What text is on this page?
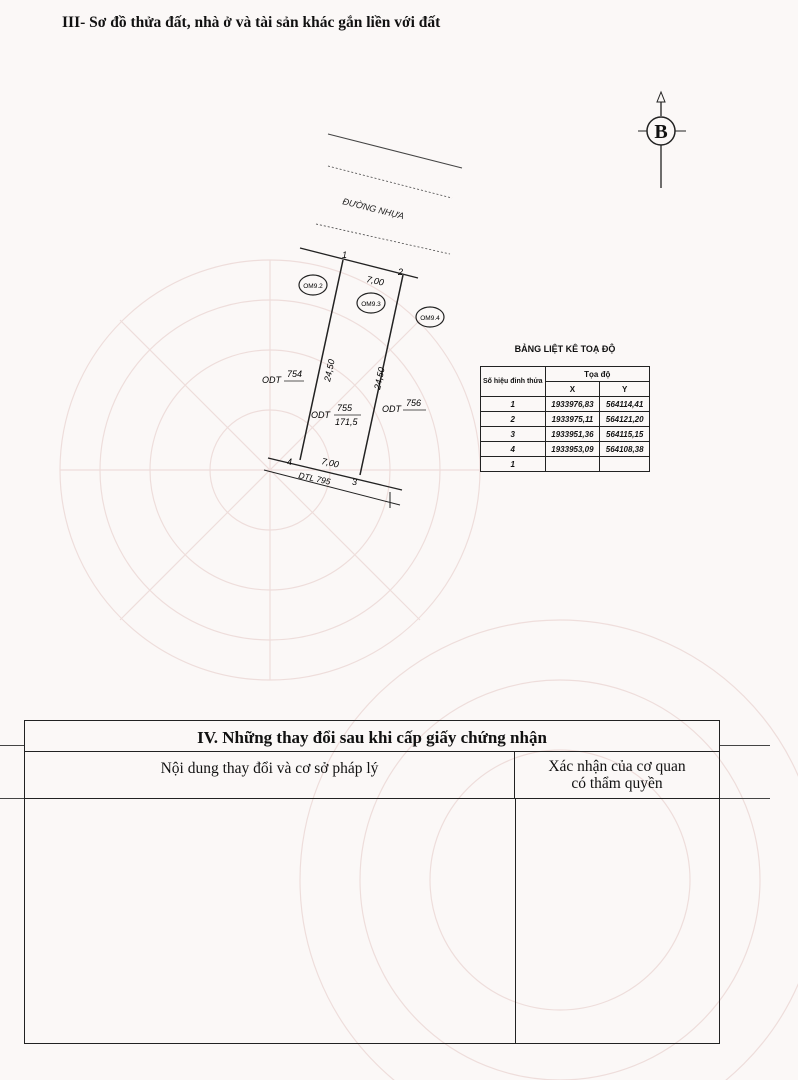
III- Sơ đồ thửa đất, nhà ở và tài sản khác gắn liền với đất
B
ĐƯỜNG NHỰA
1
2
3
4
7,00
7,00
24,50	24,50
OM9.2
OM9.3
OM9.4
ODT
754
ODT
755
171,5
ODT
756
DTL 795
BẢNG LIỆT KÊ TOẠ ĐỘ
Số hiệu đỉnh thửa	Tọa độ	
	X	Y
1	1933976,83	564114,41
2	1933975,11	564121,20
3	1933951,36	564115,15
4	1933953,09	564108,38
1		
IV. Những thay đổi sau khi cấp giấy chứng nhận
Nội dung thay đổi và cơ sở pháp lý	Xác nhận của cơ quan
có thẩm quyền
